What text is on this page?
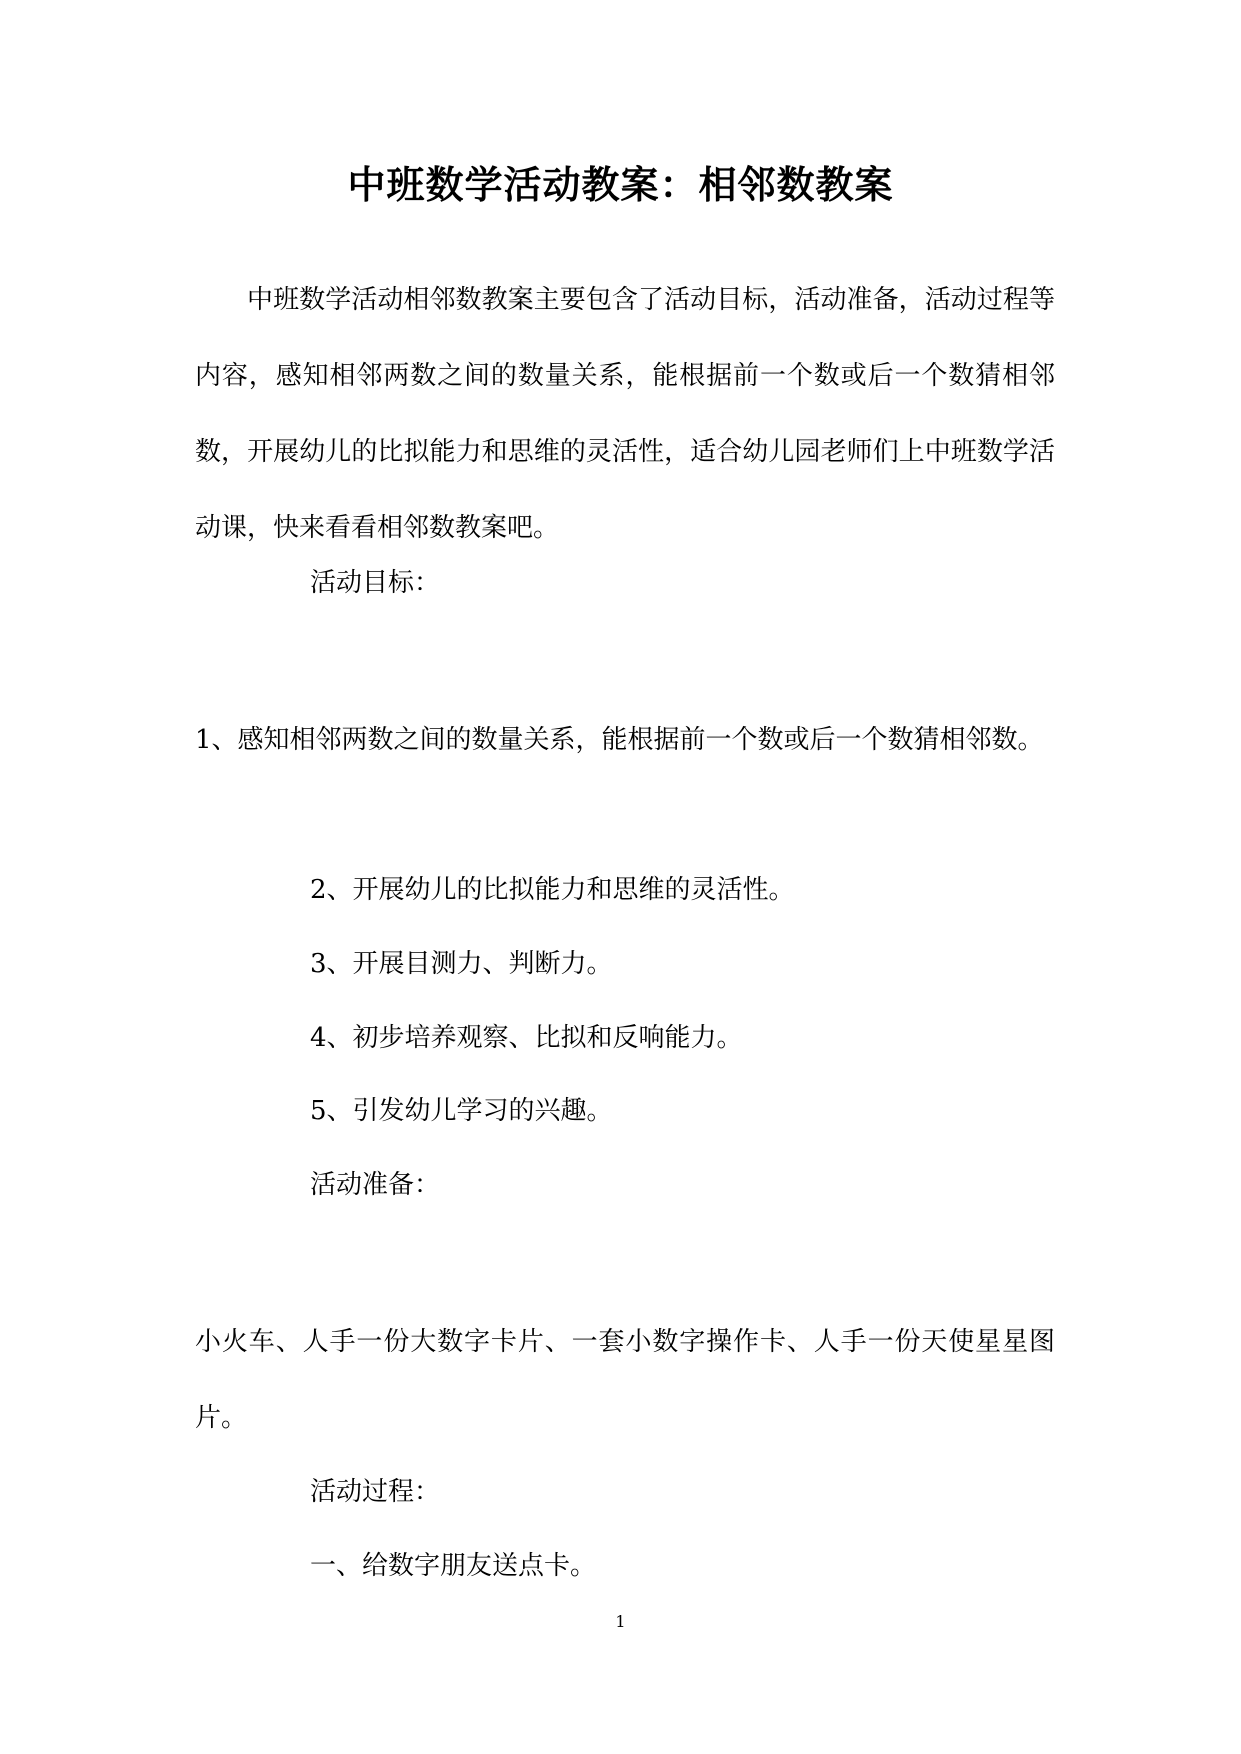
中班数学活动教案：相邻数教案

中班数学活动相邻数教案主要包含了活动目标，活动准备，活动过程等内容，感知相邻两数之间的数量关系，能根据前一个数或后一个数猜相邻数，开展幼儿的比拟能力和思维的灵活性，适合幼儿园老师们上中班数学活动课，快来看看相邻数教案吧。

活动目标：

1、感知相邻两数之间的数量关系，能根据前一个数或后一个数猜相邻数。

2、开展幼儿的比拟能力和思维的灵活性。
3、开展目测力、判断力。
4、初步培养观察、比拟和反响能力。
5、引发幼儿学习的兴趣。
活动准备：

小火车、人手一份大数字卡片、一套小数字操作卡、人手一份天使星星图片。

活动过程：
一、给数字朋友送点卡。
1
